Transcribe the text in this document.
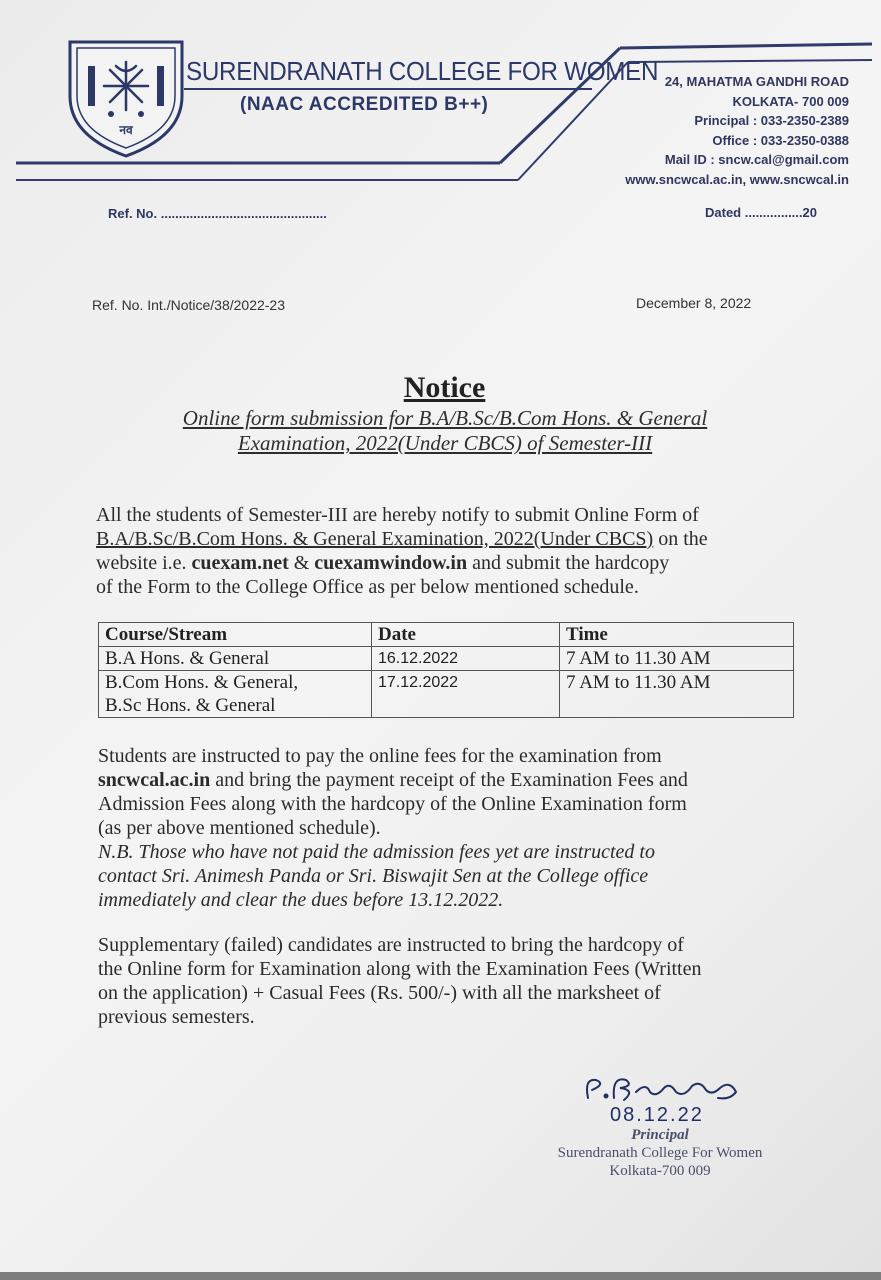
नव
SURENDRANATH COLLEGE FOR WOMEN
(NAAC ACCREDITED B++)
24, MAHATMA GANDHI ROAD
KOLKATA- 700 009
Principal : 033-2350-2389
Office : 033-2350-0388
Mail ID : sncw.cal@gmail.com
www.sncwcal.ac.in, www.sncwcal.in
Ref. No. ..............................................	Dated ................20
Ref. No. Int./Notice/38/2022-23	December 8, 2022
Notice
Online form submission for B.A/B.Sc/B.Com Hons. & General
Examination, 2022(Under CBCS) of Semester-III
All the students of Semester-III are hereby notify to submit Online Form of
B.A/B.Sc/B.Com Hons. & General Examination, 2022(Under CBCS) on the
website i.e. cuexam.net & cuexamwindow.in and submit the hardcopy
of the Form to the College Office as per below mentioned schedule.
Course/Stream	Date	Time
B.A Hons. & General	16.12.2022	7 AM to 11.30 AM

B.Com Hons. & General,
B.Sc Hons. & General	17.12.2022	7 AM to 11.30 AM
Students are instructed to pay the online fees for the examination from
sncwcal.ac.in and bring the payment receipt of the Examination Fees and
Admission Fees along with the hardcopy of the Online Examination form
(as per above mentioned schedule).
N.B. Those who have not paid the admission fees yet are instructed to
contact Sri. Animesh Panda or Sri. Biswajit Sen at the College office
immediately and clear the dues before 13.12.2022.
Supplementary (failed) candidates are instructed to bring the hardcopy of
the Online form for Examination along with the Examination Fees (Written
on the application) + Casual Fees (Rs. 500/-) with all the marksheet of
previous semesters.
08.12.22
Principal
Surendranath College For Women
Kolkata-700 009
